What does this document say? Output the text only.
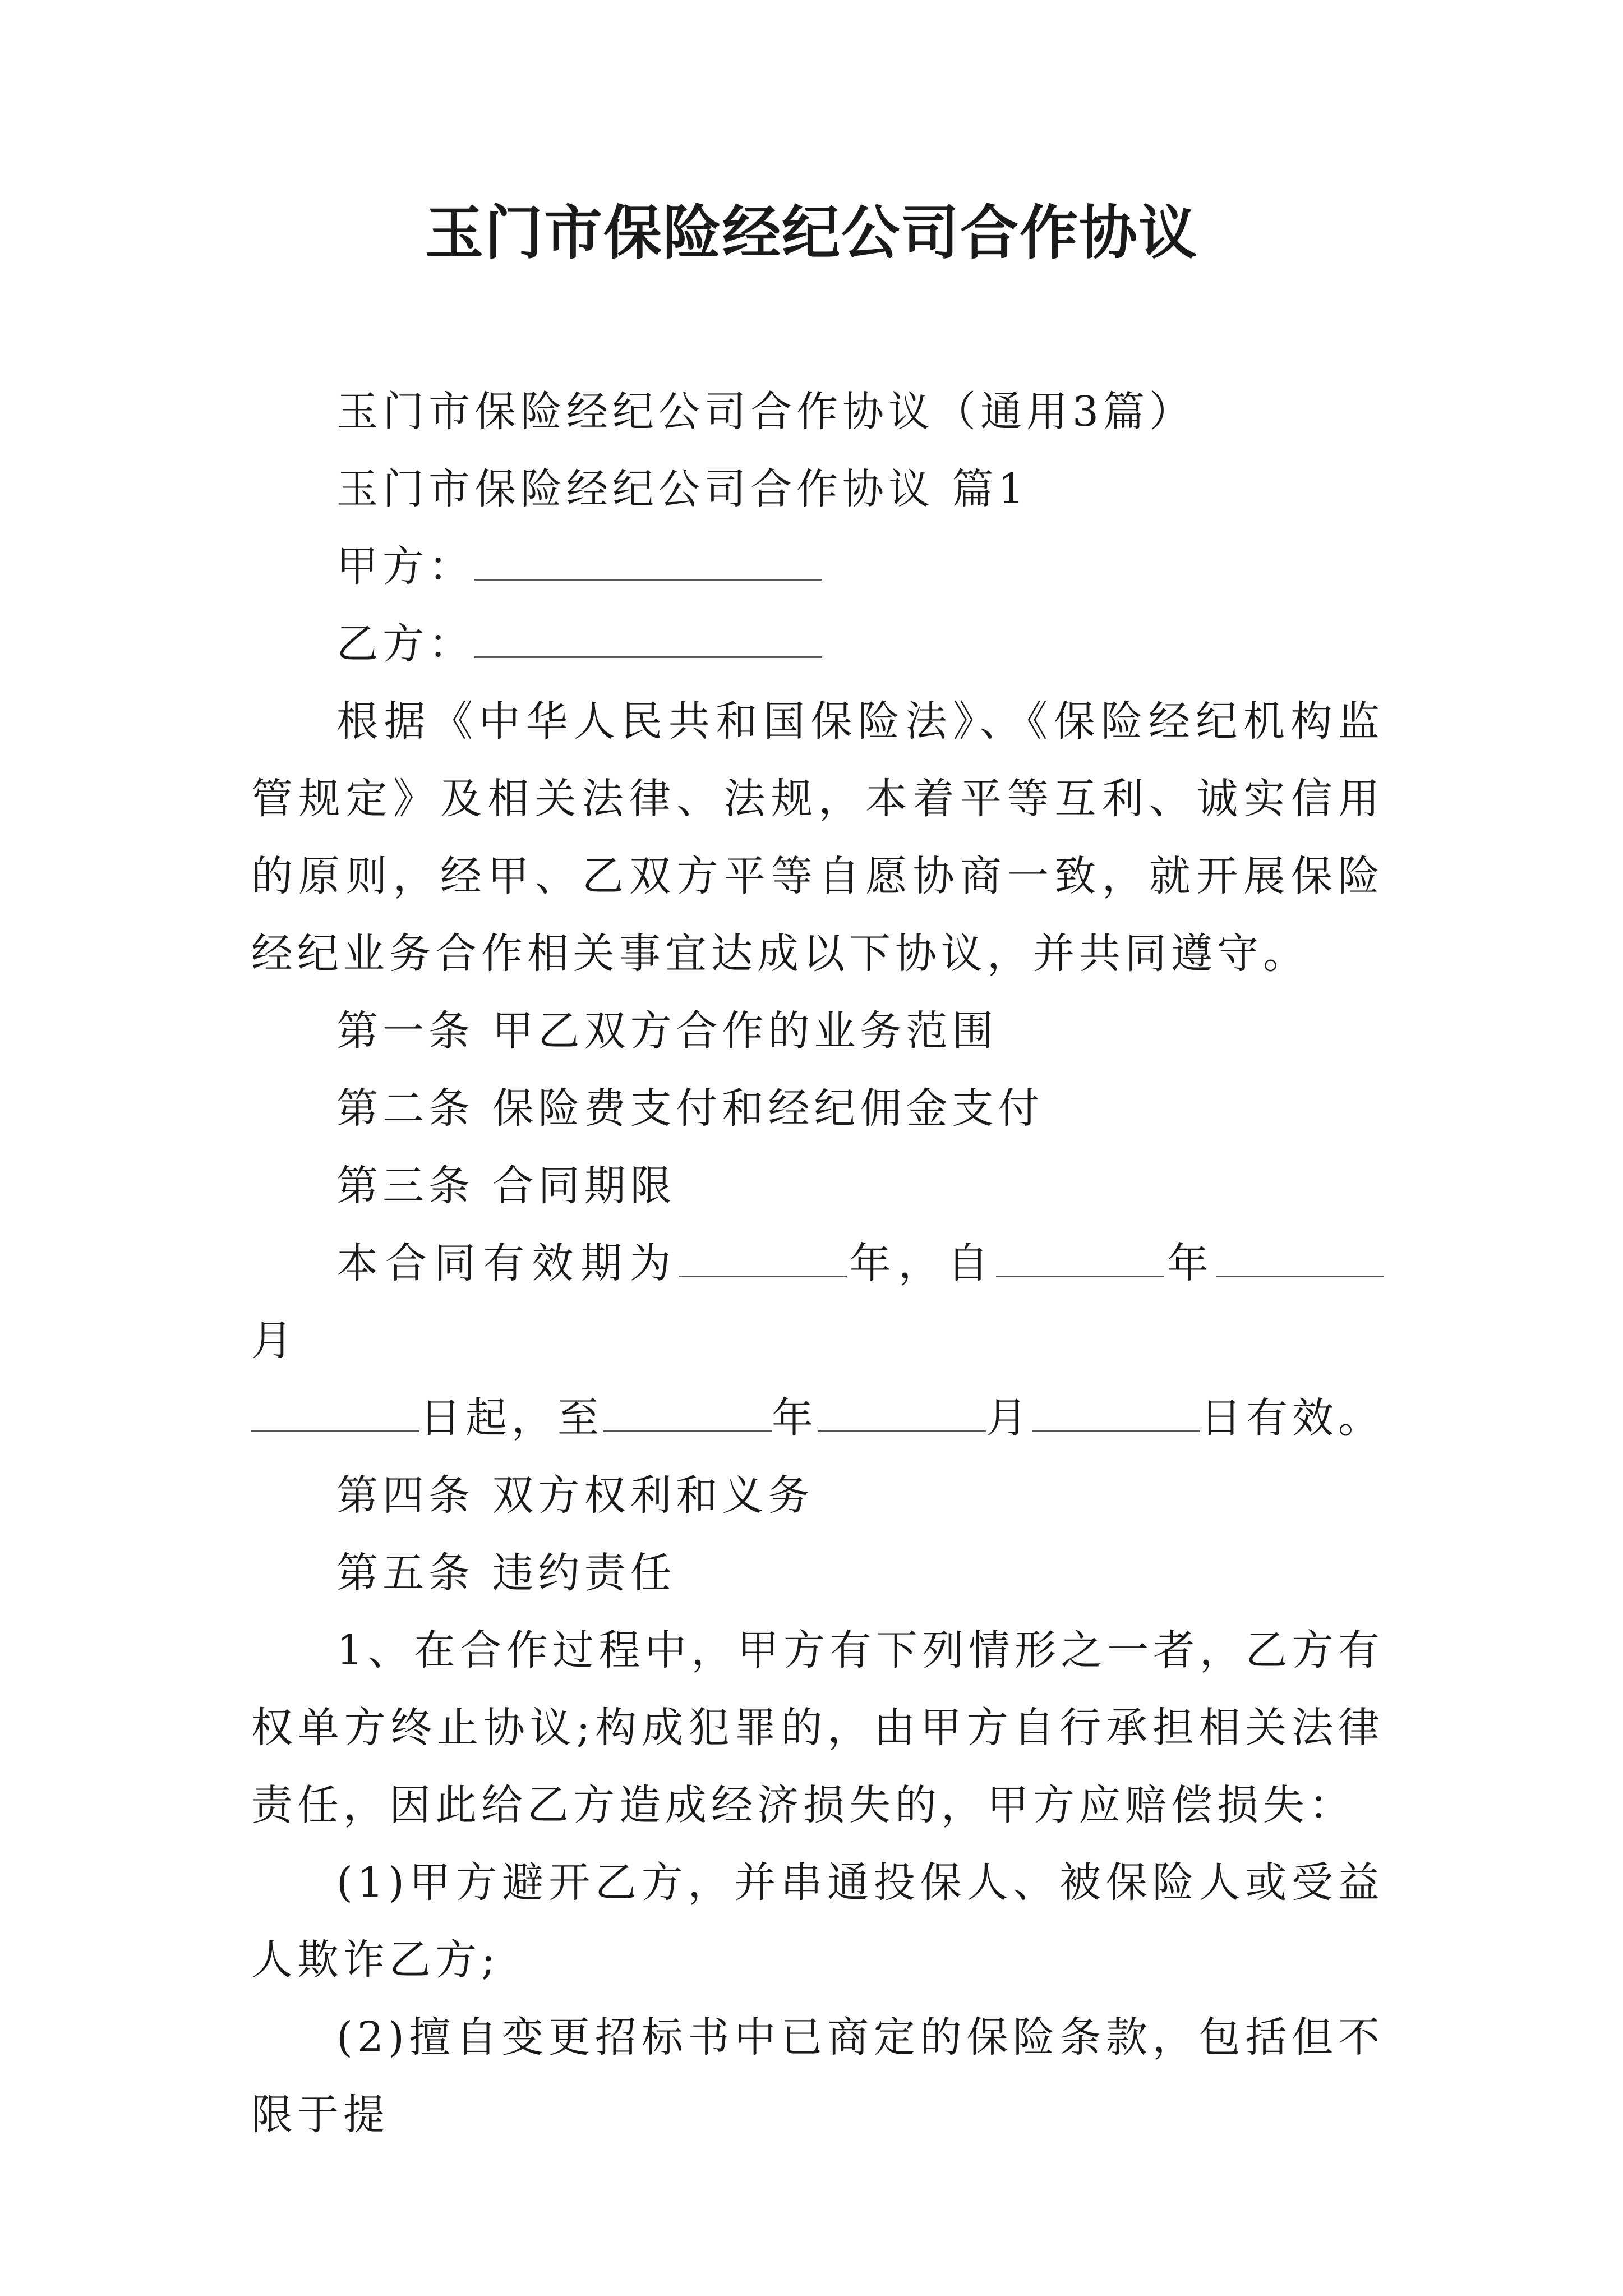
玉门市保险经纪公司合作协议

玉门市保险经纪公司合作协议（通用3篇）

玉门市保险经纪公司合作协议 篇1

甲方：

乙方：

根据《中华人民共和国保险法》、《保险经纪机构监管规定》及相关法律、法规，本着平等互利、诚实信用的原则，经甲、乙双方平等自愿协商一致，就开展保险经纪业务合作相关事宜达成以下协议，并共同遵守。

第一条 甲乙双方合作的业务范围

第二条 保险费支付和经纪佣金支付

第三条 合同期限

本合同有效期为	年，自	年月

日起，至	年	月	日有效。

第四条 双方权利和义务

第五条 违约责任

1、在合作过程中，甲方有下列情形之一者，乙方有权单方终止协议;构成犯罪的，由甲方自行承担相关法律责任，因此给乙方造成经济损失的，甲方应赔偿损失：

(1)甲方避开乙方，并串通投保人、被保险人或受益人欺诈乙方;

(2)擅自变更招标书中已商定的保险条款，包括但不限于提
